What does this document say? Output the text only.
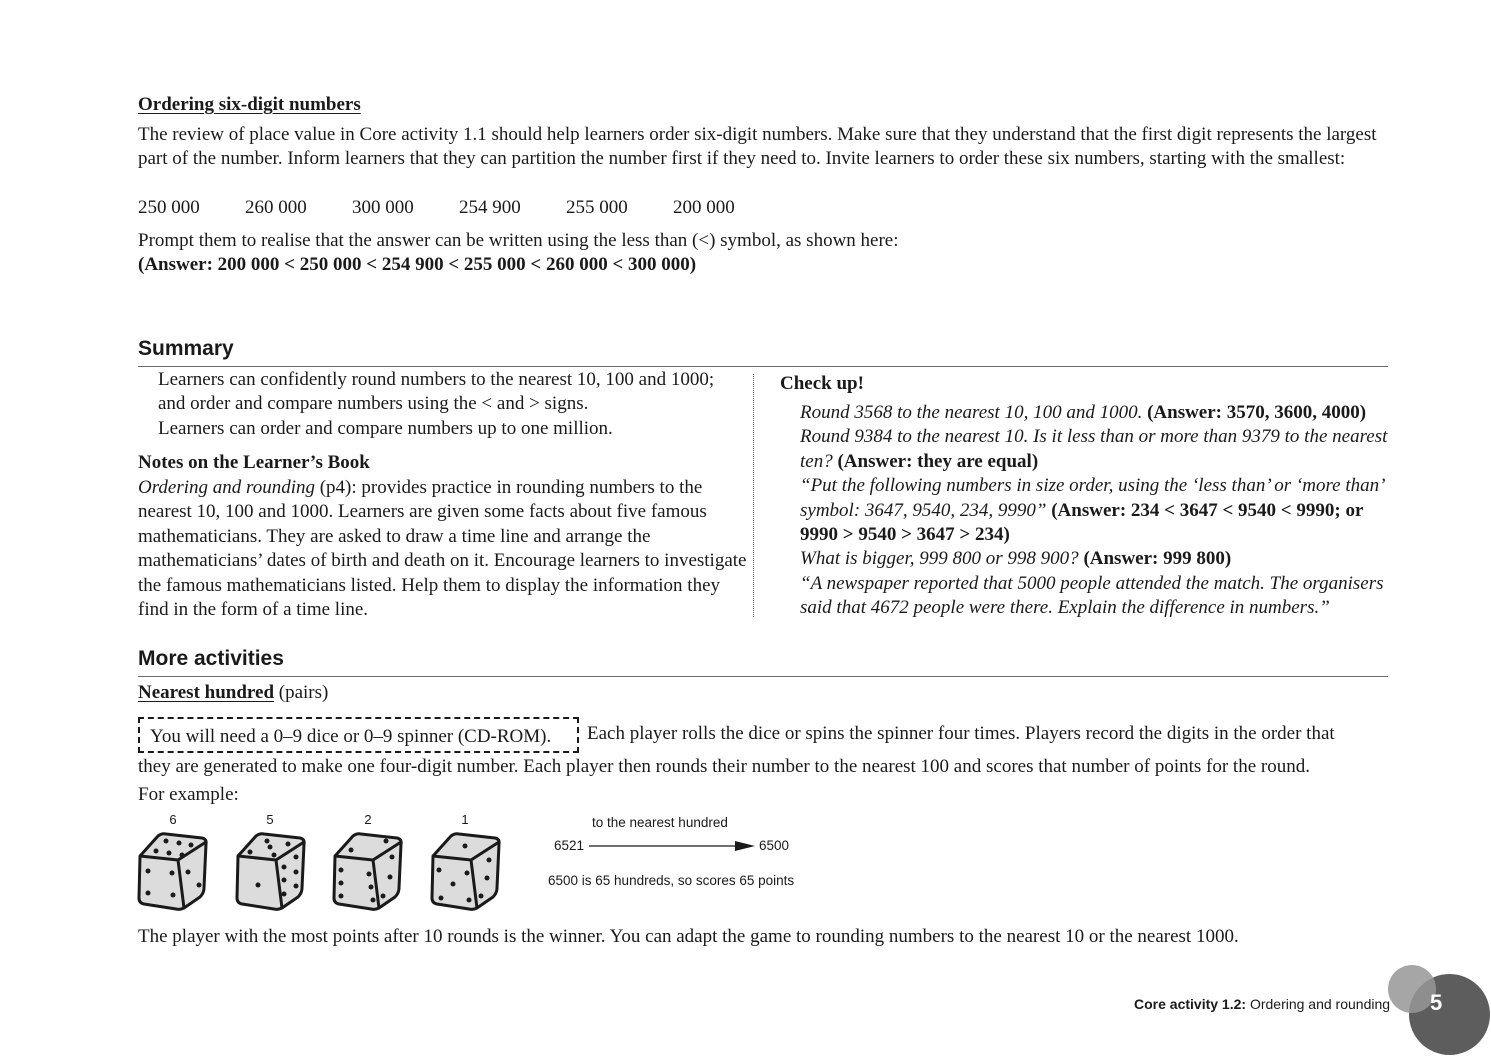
Ordering six-digit numbers
The review of place value in Core activity 1.1 should help learners order six-digit numbers. Make sure that they understand that the first digit represents the largest part of the number. Inform learners that they can partition the number first if they need to. Invite learners to order these six numbers, starting with the smallest:
250 000	260 000	300 000	254 900	255 000	200 000
Prompt them to realise that the answer can be written using the less than (<) symbol, as shown here:
(Answer: 200 000 < 250 000 < 254 900 < 255 000 < 260 000 < 300 000)
Summary
Learners can confidently round numbers to the nearest 10, 100 and 1000; and order and compare numbers using the < and > signs.
Learners can order and compare numbers up to one million.
Notes on the Learner’s Book
Ordering and rounding (p4): provides practice in rounding numbers to the nearest 10, 100 and 1000. Learners are given some facts about five famous mathematicians. They are asked to draw a time line and arrange the mathematicians’ dates of birth and death on it. Encourage learners to investigate the famous mathematicians listed. Help them to display the information they find in the form of a time line.
Check up!
Round 3568 to the nearest 10, 100 and 1000. (Answer: 3570, 3600, 4000)
Round 9384 to the nearest 10. Is it less than or more than 9379 to the nearest ten? (Answer: they are equal)
“Put the following numbers in size order, using the ‘less than’ or ‘more than’ symbol: 3647, 9540, 234, 9990” (Answer: 234 < 3647 < 9540 < 9990; or 9990 > 9540 > 3647 > 234)
What is bigger, 999 800 or 998 900? (Answer: 999 800)
“A newspaper reported that 5000 people attended the match. The organisers said that 4672 people were there. Explain the difference in numbers.”
More activities
Nearest hundred (pairs)
You will need a 0–9 dice or 0–9 spinner (CD-ROM).	Each player rolls the dice or spins the spinner four times. Players record the digits in the order that
they are generated to make one four-digit number. Each player then rounds their number to the nearest 100 and scores that number of points for the round.
For example:
6	5	2	1	to the nearest hundred
6521	6500
6500 is 65 hundreds, so scores 65 points
The player with the most points after 10 rounds is the winner. You can adapt the game to rounding numbers to the nearest 10 or the nearest 1000.
Core activity 1.2: Ordering and rounding 5
